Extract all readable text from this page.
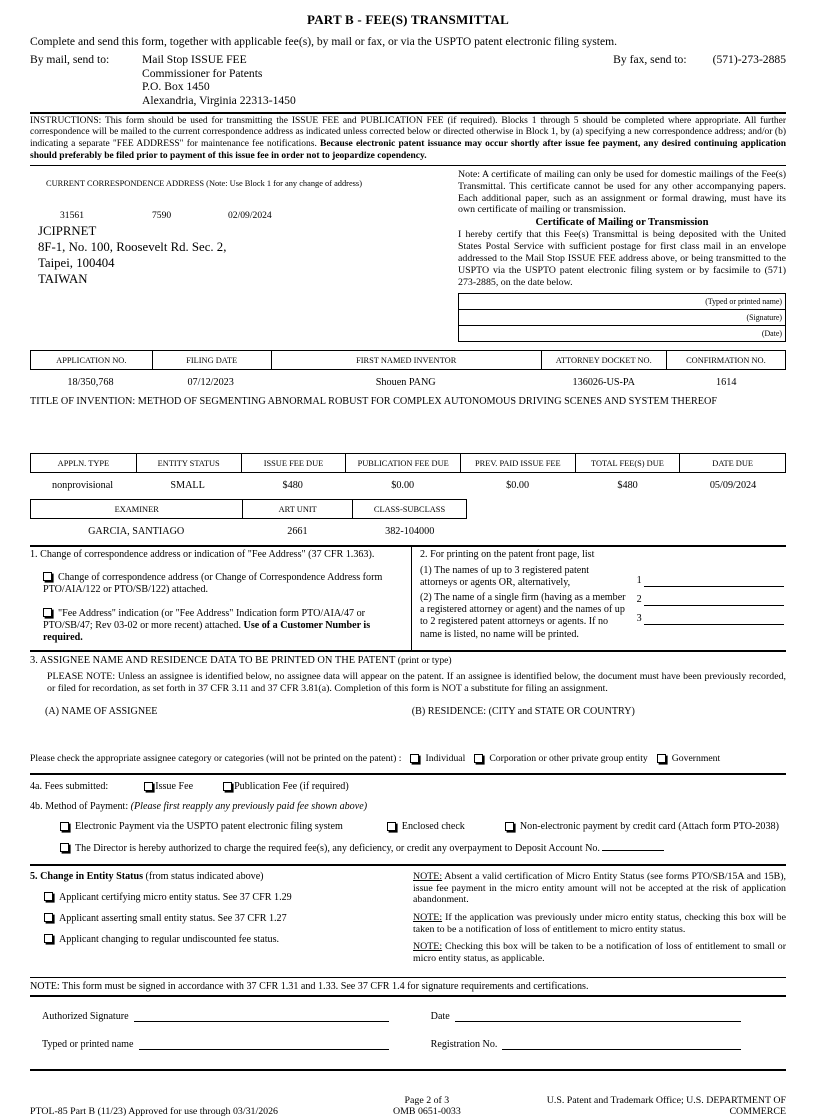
PART B - FEE(S) TRANSMITTAL
Complete and send this form, together with applicable fee(s), by mail or fax, or via the USPTO patent electronic filing system.
By mail, send to:	Mail Stop ISSUE FEE
Commissioner for Patents
P.O. Box 1450
Alexandria, Virginia 22313-1450
By fax, send to: (571)-273-2885
INSTRUCTIONS: This form should be used for transmitting the ISSUE FEE and PUBLICATION FEE (if required). Blocks 1 through 5 should be completed where appropriate. All further correspondence will be mailed to the current correspondence address as indicated unless corrected below or directed otherwise in Block 1, by (a) specifying a new correspondence address; and/or (b) indicating a separate "FEE ADDRESS" for maintenance fee notifications. Because electronic patent issuance may occur shortly after issue fee payment, any desired continuing application should preferably be filed prior to payment of this issue fee in order not to jeopardize copendency.
CURRENT CORRESPONDENCE ADDRESS (Note: Use Block 1 for any change of address)
31561	7590	02/09/2024
JCIPRNET
8F-1, No. 100, Roosevelt Rd. Sec. 2,
Taipei, 100404
TAIWAN
Note: A certificate of mailing can only be used for domestic mailings of the Fee(s) Transmittal. This certificate cannot be used for any other accompanying papers. Each additional paper, such as an assignment or formal drawing, must have its own certificate of mailing or transmission.
Certificate of Mailing or Transmission
I hereby certify that this Fee(s) Transmittal is being deposited with the United States Postal Service with sufficient postage for first class mail in an envelope addressed to the Mail Stop ISSUE FEE address above, or being transmitted to the USPTO via the USPTO patent electronic filing system or by facsimile to (571) 273-2885, on the date below.
(Typed or printed name)
(Signature)
(Date)
APPLICATION NO.	FILING DATE	FIRST NAMED INVENTOR	ATTORNEY DOCKET NO.	CONFIRMATION NO.
18/350,768	07/12/2023	Shouen PANG	136026-US-PA	1614
TITLE OF INVENTION: METHOD OF SEGMENTING ABNORMAL ROBUST FOR COMPLEX AUTONOMOUS DRIVING SCENES AND SYSTEM THEREOF
APPLN. TYPE	ENTITY STATUS	ISSUE FEE DUE	PUBLICATION FEE DUE	PREV. PAID ISSUE FEE	TOTAL FEE(S) DUE	DATE DUE
nonprovisional	SMALL	$480	$0.00	$0.00	$480	05/09/2024
EXAMINER	ART UNIT	CLASS-SUBCLASS
GARCIA, SANTIAGO	2661	382-104000
1. Change of correspondence address or indication of "Fee Address" (37 CFR 1.363).
Change of correspondence address (or Change of Correspondence Address form PTO/AIA/122 or PTO/SB/122) attached.
"Fee Address" indication (or "Fee Address" Indication form PTO/AIA/47 or PTO/SB/47; Rev 03-02 or more recent) attached. Use of a Customer Number is required.
2. For printing on the patent front page, list
(1) The names of up to 3 registered patent attorneys or agents OR, alternatively,
(2) The name of a single firm (having as a member a registered attorney or agent) and the names of up to 2 registered patent attorneys or agents. If no name is listed, no name will be printed.
1
2
3
3. ASSIGNEE NAME AND RESIDENCE DATA TO BE PRINTED ON THE PATENT (print or type)
PLEASE NOTE: Unless an assignee is identified below, no assignee data will appear on the patent. If an assignee is identified below, the document must have been previously recorded, or filed for recordation, as set forth in 37 CFR 3.11 and 37 CFR 3.81(a). Completion of this form is NOT a substitute for filing an assignment.
(A) NAME OF ASSIGNEE	(B) RESIDENCE: (CITY and STATE OR COUNTRY)
Please check the appropriate assignee category or categories (will not be printed on the patent) : Individual Corporation or other private group entity Government
4a. Fees submitted:	Issue Fee	Publication Fee (if required)
4b. Method of Payment: (Please first reapply any previously paid fee shown above)
Electronic Payment via the USPTO patent electronic filing system	Enclosed check	Non-electronic payment by credit card (Attach form PTO-2038)
The Director is hereby authorized to charge the required fee(s), any deficiency, or credit any overpayment to Deposit Account No.
5. Change in Entity Status (from status indicated above)
Applicant certifying micro entity status. See 37 CFR 1.29
Applicant asserting small entity status. See 37 CFR 1.27
Applicant changing to regular undiscounted fee status.
NOTE: Absent a valid certification of Micro Entity Status (see forms PTO/SB/15A and 15B), issue fee payment in the micro entity amount will not be accepted at the risk of application abandonment.
NOTE: If the application was previously under micro entity status, checking this box will be taken to be a notification of loss of entitlement to micro entity status.
NOTE: Checking this box will be taken to be a notification of loss of entitlement to small or micro entity status, as applicable.
NOTE: This form must be signed in accordance with 37 CFR 1.31 and 1.33. See 37 CFR 1.4 for signature requirements and certifications.
Authorized Signature	Date
Typed or printed name	Registration No.
PTOL-85 Part B (11/23) Approved for use through 03/31/2026
Page 2 of 3
OMB 0651-0033
U.S. Patent and Trademark Office; U.S. DEPARTMENT OF COMMERCE
